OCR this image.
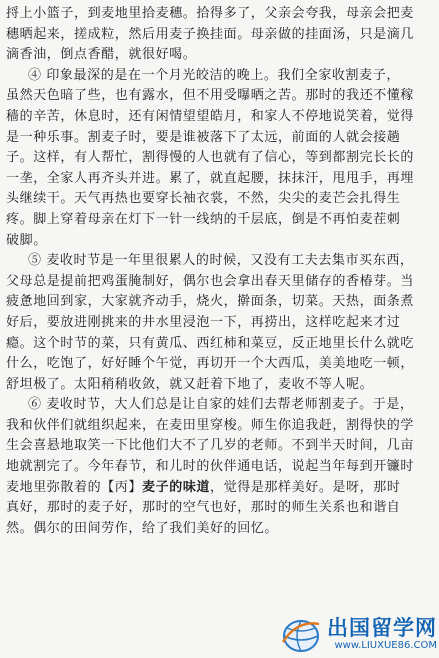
捋上小篮子，到麦地里拾麦穗。拾得多了，父亲会夸我，母亲会把麦
穗晒起来，搓成粒，然后用麦子换挂面。母亲做的挂面汤，只是滴几
滴香油，倒点香醋，就很好喝。
④ 印象最深的是在一个月光皎洁的晚上。我们全家收割麦子，
虽然天色暗了些，也有露水，但不用受曝晒之苦。那时的我还不懂稼
穑的辛苦，休息时，还有闲情望望皓月，和家人不停地说笑着，觉得
是一种乐事。割麦子时，要是谁被落下了太远，前面的人就会接趟
子。这样，有人帮忙，割得慢的人也就有了信心，等到都割完长长的
一垄，全家人再齐头并进。累了，就直起腰，抹抹汗，甩甩手，再埋
头继续干。天气再热也要穿长袖衣裳，不然，尖尖的麦芒会扎得生
疼。脚上穿着母亲在灯下一针一线纳的千层底，倒是不再怕麦茬刺
破脚。
⑤ 麦收时节是一年里很累人的时候，又没有工夫去集市买东西，
父母总是提前把鸡蛋腌制好，偶尔也会拿出春天里储存的香椿芽。当
疲惫地回到家，大家就齐动手，烧火，擀面条，切菜。天热，面条煮
好后，要放进刚挑来的井水里浸泡一下，再捞出，这样吃起来才过
瘾。这个时节的菜，只有黄瓜、西红柿和菜豆，反正地里长什么就吃
什么，吃饱了，好好睡个午觉，再切开一个大西瓜，美美地吃一顿，
舒坦极了。太阳稍稍收敛，就又赶着下地了，麦收不等人呢。
⑥ 麦收时节，大人们总是让自家的娃们去帮老师割麦子。于是，
我和伙伴们就组织起来，在麦田里穿梭。师生你追我赶，割得快的学
生会喜悬地取笑一下比他们大不了几岁的老师。不到半天时间，几亩
地就割完了。今年春节，和儿时的伙伴通电话，说起当年每到开镰时
麦地里弥散着的【丙】麦子的味道，觉得是那样美好。是呀，那时
真好，那时的麦子好，那时的空气也好，那时的师生关系也和谐自
然。偶尔的田间劳作，给了我们美好的回忆。
出国留学网
www.LIUXUE86.COM
